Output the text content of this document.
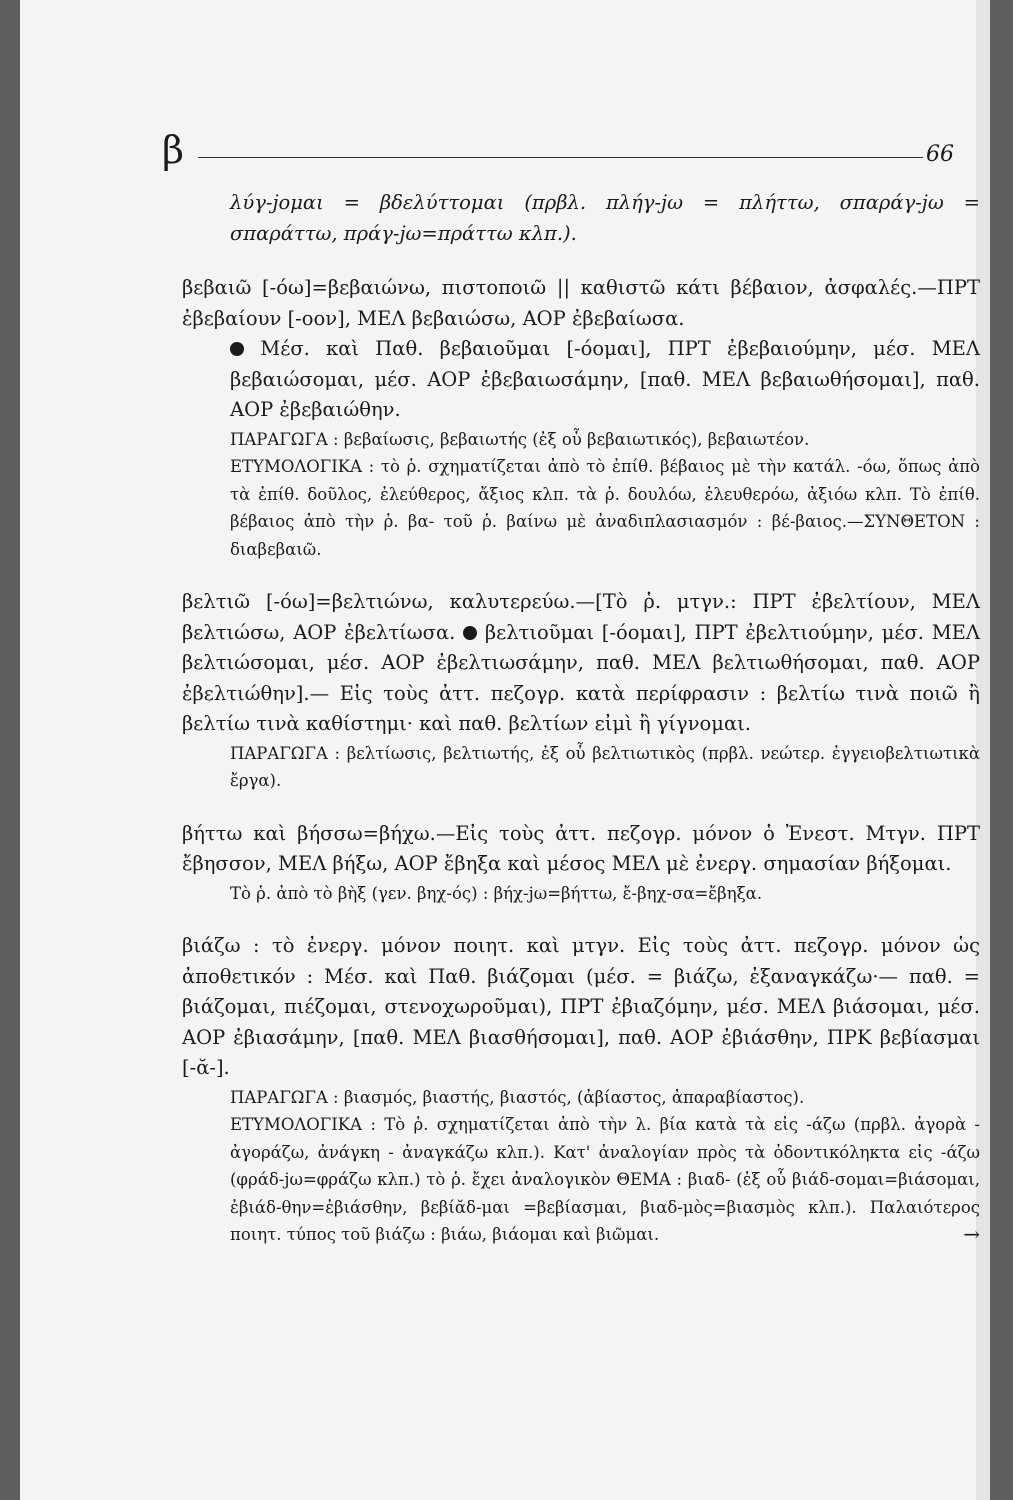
β	66

λύγ-jομαι = βδελύττομαι (πρβλ. πλήγ-jω = πλήττω, σπαράγ-jω = σπαράττω, πράγ-jω=πράττω κλπ.).

βεβαιῶ [-όω]=βεβαιώνω, πιστοποιῶ || καθιστῶ κάτι βέβαιον, ἀσφαλές.—ΠΡΤ ἐβεβαίουν [-οον], ΜΕΛ βεβαιώσω, ΑΟΡ ἐβεβαίωσα.

Μέσ. καὶ Παθ. βεβαιοῦμαι [-όομαι], ΠΡΤ ἐβεβαιούμην, μέσ. ΜΕΛ βεβαιώσομαι, μέσ. ΑΟΡ ἐβεβαιωσάμην, [παθ. ΜΕΛ βεβαιωθήσομαι], παθ. ΑΟΡ ἐβεβαιώθην.

ΠΑΡΑΓΩΓΑ : βεβαίωσις, βεβαιωτής (ἐξ οὗ βεβαιωτικός), βεβαιωτέον.

ΕΤΥΜΟΛΟΓΙΚΑ : τὸ ῥ. σχηματίζεται ἀπὸ τὸ ἐπίθ. βέβαιος μὲ τὴν κατάλ. -όω, ὅπως ἀπὸ τὰ ἐπίθ. δοῦλος, ἐλεύθερος, ἄξιος κλπ. τὰ ῥ. δουλόω, ἐλευθερόω, ἀξιόω κλπ. Τὸ ἐπίθ. βέβαιος ἀπὸ τὴν ῥ. βα- τοῦ ῥ. βαίνω μὲ ἀναδιπλασιασμόν : βέ-βαιος.—ΣΥΝΘΕΤΟΝ : διαβεβαιῶ.

βελτιῶ [-όω]=βελτιώνω, καλυτερεύω.—[Τὸ ῥ. μτγν.: ΠΡΤ ἐβελτίουν, ΜΕΛ βελτιώσω, ΑΟΡ ἐβελτίωσα. βελτιοῦμαι [-όομαι], ΠΡΤ ἐβελτιούμην, μέσ. ΜΕΛ βελτιώσομαι, μέσ. ΑΟΡ ἐβελτιωσάμην, παθ. ΜΕΛ βελτιωθήσομαι, παθ. ΑΟΡ ἐβελτιώθην].— Εἰς τοὺς ἀττ. πεζογρ. κατὰ περίφρασιν : βελτίω τινὰ ποιῶ ἢ βελτίω τινὰ καθίστημι· καὶ παθ. βελτίων εἰμὶ ἢ γίγνομαι.

ΠΑΡΑΓΩΓΑ : βελτίωσις, βελτιωτής, ἐξ οὗ βελτιωτικὸς (πρβλ. νεώτερ. ἐγγειοβελτιωτικὰ ἔργα).

βήττω καὶ βήσσω=βήχω.—Εἰς τοὺς ἀττ. πεζογρ. μόνον ὁ Ἐνεστ. Μτγν. ΠΡΤ ἔβησσον, ΜΕΛ βήξω, ΑΟΡ ἔβηξα καὶ μέσος ΜΕΛ μὲ ἐνεργ. σημασίαν βήξομαι.

Τὸ ῥ. ἀπὸ τὸ βὴξ (γεν. βηχ-ός) : βήχ-jω=βήττω, ἔ-βηχ-σα=ἔβηξα.

βιάζω : τὸ ἐνεργ. μόνον ποιητ. καὶ μτγν. Εἰς τοὺς ἀττ. πεζογρ. μόνον ὡς ἀποθετικόν : Μέσ. καὶ Παθ. βιάζομαι (μέσ. = βιάζω, ἐξαναγκάζω·— παθ. = βιάζομαι, πιέζομαι, στενοχωροῦμαι), ΠΡΤ ἐβιαζόμην, μέσ. ΜΕΛ βιάσομαι, μέσ. ΑΟΡ ἐβιασάμην, [παθ. ΜΕΛ βιασθήσομαι], παθ. ΑΟΡ ἐβιάσθην, ΠΡΚ βεβίασμαι [-ᾰ-].

ΠΑΡΑΓΩΓΑ : βιασμός, βιαστής, βιαστός, (ἀβίαστος, ἀπαραβίαστος).

ΕΤΥΜΟΛΟΓΙΚΑ : Τὸ ῥ. σχηματίζεται ἀπὸ τὴν λ. βία κατὰ τὰ εἰς -άζω (πρβλ. ἀγορὰ - ἀγοράζω, ἀνάγκη - ἀναγκάζω κλπ.). Κατ' ἀναλογίαν πρὸς τὰ ὀδοντικόληκτα εἰς -άζω (φράδ-jω=φράζω κλπ.) τὸ ῥ. ἔχει ἀναλογικὸν ΘΕΜΑ : βιαδ- (ἐξ οὗ βιάδ-σομαι=βιάσομαι, ἐβιάδ-θην=ἐβιάσθην, βεβίᾰδ-μαι =βεβίασμαι, βιαδ-μὸς=βιασμὸς κλπ.). Παλαιότερος ποιητ. τύπος τοῦ βιάζω : βιάω, βιάομαι καὶ βιῶμαι.	→
